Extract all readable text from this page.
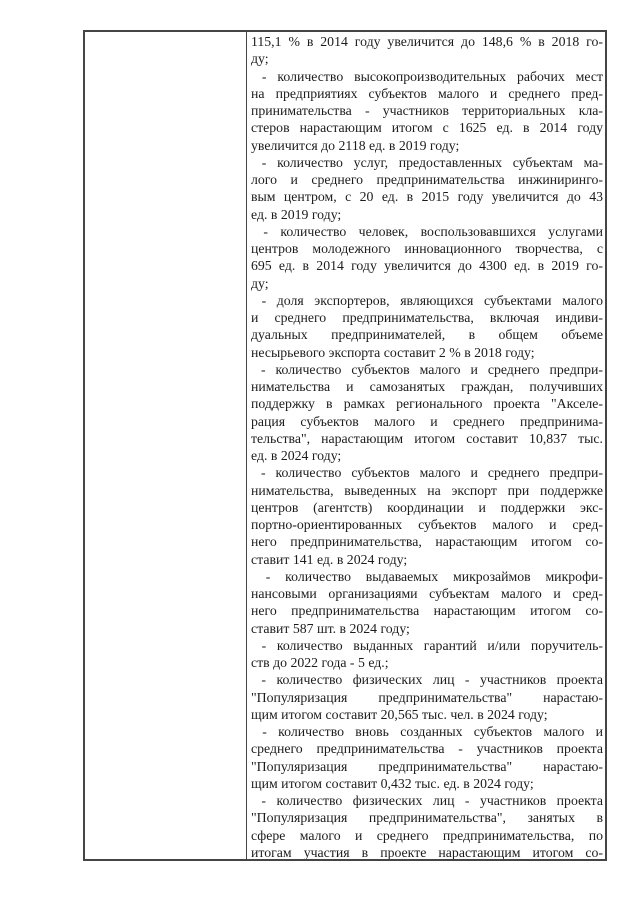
115,1 % в 2014 году увеличится до 148,6 % в 2018 го-
ду;
- количество высокопроизводительных рабочих мест
на предприятиях субъектов малого и среднего пред-
принимательства - участников территориальных кла-
стеров нарастающим итогом с 1625 ед. в 2014 году
увеличится до 2118 ед. в 2019 году;
- количество услуг, предоставленных субъектам ма-
лого и среднего предпринимательства инжиниринго-
вым центром, с 20 ед. в 2015 году увеличится до 43
ед. в 2019 году;
- количество человек, воспользовавшихся услугами
центров молодежного инновационного творчества, с
695 ед. в 2014 году увеличится до 4300 ед. в 2019 го-
ду;
- доля экспортеров, являющихся субъектами малого
и среднего предпринимательства, включая индиви-
дуальных предпринимателей, в общем объеме
несырьевого экспорта составит 2 % в 2018 году;
- количество субъектов малого и среднего предпри-
нимательства и самозанятых граждан, получивших
поддержку в рамках регионального проекта "Акселе-
рация субъектов малого и среднего предпринима-
тельства", нарастающим итогом составит 10,837 тыс.
ед. в 2024 году;
- количество субъектов малого и среднего предпри-
нимательства, выведенных на экспорт при поддержке
центров (агентств) координации и поддержки экс-
портно-ориентированных субъектов малого и сред-
него предпринимательства, нарастающим итогом со-
ставит 141 ед. в 2024 году;
- количество выдаваемых микрозаймов микрофи-
нансовыми организациями субъектам малого и сред-
него предпринимательства нарастающим итогом со-
ставит 587 шт. в 2024 году;
- количество выданных гарантий и/или поручитель-
ств до 2022 года - 5 ед.;
- количество физических лиц - участников проекта
"Популяризация предпринимательства" нарастаю-
щим итогом составит 20,565 тыс. чел. в 2024 году;
- количество вновь созданных субъектов малого и
среднего предпринимательства - участников проекта
"Популяризация предпринимательства" нарастаю-
щим итогом составит 0,432 тыс. ед. в 2024 году;
- количество физических лиц - участников проекта
"Популяризация предпринимательства", занятых в
сфере малого и среднего предпринимательства, по
итогам участия в проекте нарастающим итогом со-
